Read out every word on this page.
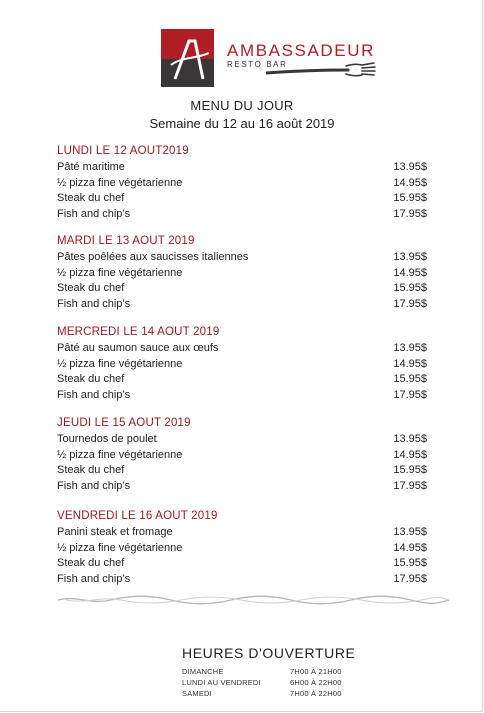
AMBASSADEUR
RESTO BAR
MENU DU JOUR
Semaine du 12 au 16 août 2019
LUNDI LE 12 AOUT2019
Pâté maritime	13.95$
½ pizza fine végétarienne	14.95$
Steak du chef	15.95$
Fish and chip’s	17.95$
MARDI LE 13 AOUT 2019
Pâtes poêlées aux saucisses italiennes	13.95$
½ pizza fine végétarienne	14.95$
Steak du chef	15.95$
Fish and chip’s	17.95$
MERCREDI LE 14 AOUT 2019
Pâté au saumon sauce aux œufs	13.95$
½ pizza fine végétarienne	14.95$
Steak du chef	15.95$
Fish and chip’s	17.95$
JEUDI LE 15 AOUT 2019
Tournedos de poulet	13.95$
½ pizza fine végétarienne	14.95$
Steak du chef	15.95$
Fish and chip’s	17.95$
VENDREDI LE 16 AOUT 2019
Panini steak et fromage	13.95$
½ pizza fine végétarienne	14.95$
Steak du chef	15.95$
Fish and chip’s	17.95$
HEURES D'OUVERTURE
DIMANCHE	7H00 À 21H00
LUNDI AU VENDREDI	6H00 À 22H00
SAMEDI	7H00 À 22H00
